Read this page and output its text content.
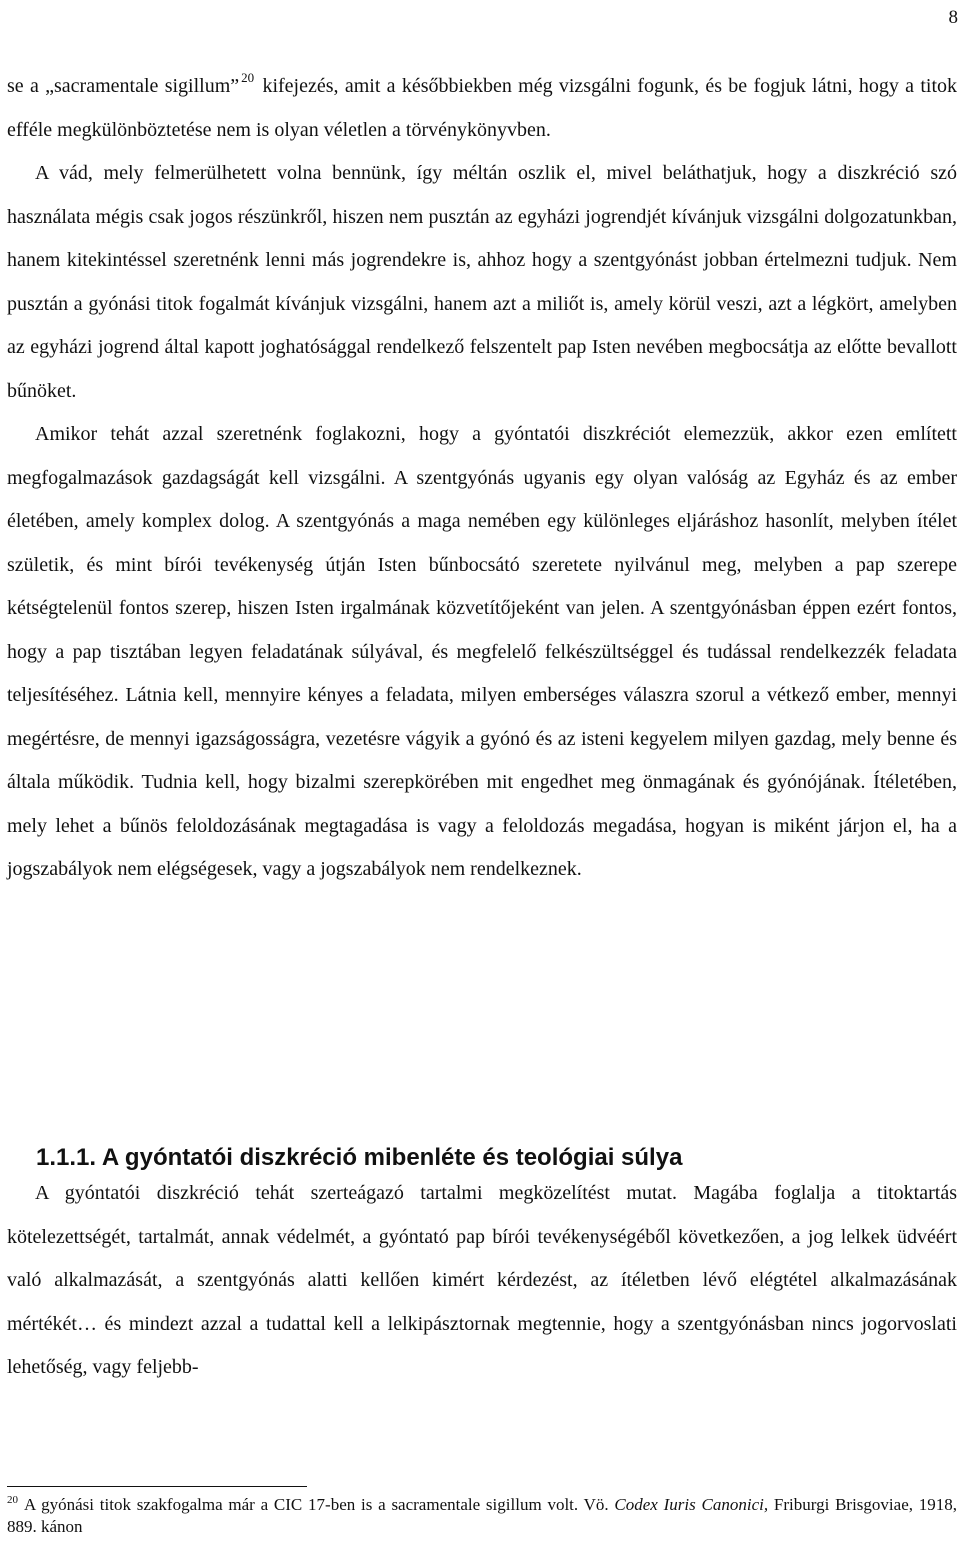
8

se a „sacramentale sigillum” $^{20}$ kifejezés, amit a későbbiekben még vizsgálni fogunk, és be fogjuk látni, hogy a titok efféle megkülönböztetése nem is olyan véletlen a törvénykönyvben.

A vád, mely felmerülhetett volna bennünk, így méltán oszlik el, mivel beláthatjuk, hogy a diszkréció szó használata mégis csak jogos részünkről, hiszen nem pusztán az egyházi jogrendjét kívánjuk vizsgálni dolgozatunkban, hanem kitekintéssel szeretnénk lenni más jogrendekre is, ahhoz hogy a szentgyónást jobban értelmezni tudjuk. Nem pusztán a gyónási titok fogalmát kívánjuk vizsgálni, hanem azt a miliőt is, amely körül veszi, azt a légkört, amelyben az egyházi jogrend által kapott joghatósággal rendelkező felszentelt pap Isten nevében megbocsátja az előtte bevallott bűnöket.

Amikor tehát azzal szeretnénk foglakozni, hogy a gyóntatói diszkréciót elemezzük, akkor ezen említett megfogalmazások gazdagságát kell vizsgálni. A szentgyónás ugyanis egy olyan valóság az Egyház és az ember életében, amely komplex dolog. A szentgyónás a maga nemében egy különleges eljáráshoz hasonlít, melyben ítélet születik, és mint bírói tevékenység útján Isten bűnbocsátó szeretete nyilvánul meg, melyben a pap szerepe kétségtelenül fontos szerep, hiszen Isten irgalmának közvetítőjeként van jelen. A szentgyónásban éppen ezért fontos, hogy a pap tisztában legyen feladatának súlyával, és megfelelő felkészültséggel és tudással rendelkezzék feladata teljesítéséhez. Látnia kell, mennyire kényes a feladata, milyen emberséges válaszra szorul a vétkező ember, mennyi megértésre, de mennyi igazságosságra, vezetésre vágyik a gyónó és az isteni kegyelem milyen gazdag, mely benne és általa működik. Tudnia kell, hogy bizalmi szerepkörében mit engedhet meg önmagának és gyónójának. Ítéletében, mely lehet a bűnös feloldozásának megtagadása is vagy a feloldozás megadása, hogyan is miként járjon el, ha a jogszabályok nem elégségesek, vagy a jogszabályok nem rendelkeznek.

1.1.1. A gyóntatói diszkréció mibenléte és teológiai súlya

A gyóntatói diszkréció tehát szerteágazó tartalmi megközelítést mutat. Magába foglalja a titoktartás kötelezettségét, tartalmát, annak védelmét, a gyóntató pap bírói tevékenységéből következően, a jog lelkek üdvéért való alkalmazását, a szentgyónás alatti kellően kimért kérdezést, az ítéletben lévő elégtétel alkalmazásának mértékét… és mindezt azzal a tudattal kell a lelkipásztornak megtennie, hogy a szentgyónásban nincs jogorvoslati lehetőség, vagy feljebb-

$^{20}$ A gyónási titok szakfogalma már a CIC 17-ben is a sacramentale sigillum volt. Vö. Codex Iuris Canonici, Friburgi Brisgoviae, 1918, 889. kánon
